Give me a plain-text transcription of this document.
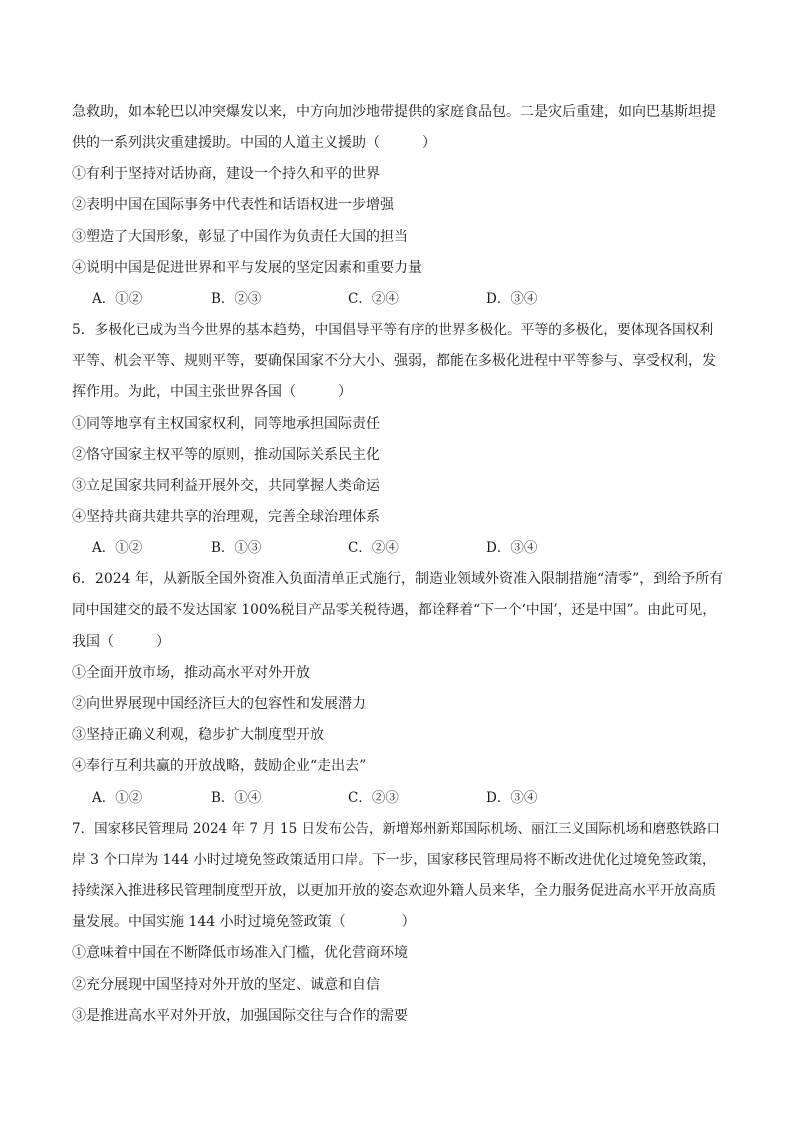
急救助，如本轮巴以冲突爆发以来，中方向加沙地带提供的家庭食品包。二是灾后重建，如向巴基斯坦提
供的一系列洪灾重建援助。中国的人道主义援助（　　　）
①有利于坚持对话协商，建设一个持久和平的世界
②表明中国在国际事务中代表性和话语权进一步增强
③塑造了大国形象，彰显了中国作为负责任大国的担当
④说明中国是促进世界和平与发展的坚定因素和重要力量
A．①②	B．②③	C．②④	D．③④
5．多极化已成为当今世界的基本趋势，中国倡导平等有序的世界多极化。平等的多极化，要体现各国权利
平等、机会平等、规则平等，要确保国家不分大小、强弱，都能在多极化进程中平等参与、享受权利，发
挥作用。为此，中国主张世界各国（　　　）
①同等地享有主权国家权利，同等地承担国际责任
②恪守国家主权平等的原则，推动国际关系民主化
③立足国家共同利益开展外交，共同掌握人类命运
④坚持共商共建共享的治理观，完善全球治理体系
A．①②	B．①③	C．②④	D．③④
6．2024 年，从新版全国外资准入负面清单正式施行，制造业领域外资准入限制措施“清零”，到给予所有
同中国建交的最不发达国家 100%税目产品零关税待遇，都诠释着“下一个‘中国’，还是中国”。由此可见，
我国（　　　）
①全面开放市场，推动高水平对外开放
②向世界展现中国经济巨大的包容性和发展潜力
③坚持正确义利观，稳步扩大制度型开放
④奉行互利共赢的开放战略，鼓励企业“走出去”
A．①②	B．①④	C．②③	D．③④
7．国家移民管理局 2024 年 7 月 15 日发布公告，新增郑州新郑国际机场、丽江三义国际机场和磨憨铁路口
岸 3 个口岸为 144 小时过境免签政策适用口岸。下一步，国家移民管理局将不断改进优化过境免签政策，
持续深入推进移民管理制度型开放，以更加开放的姿态欢迎外籍人员来华，全力服务促进高水平开放高质
量发展。中国实施 144 小时过境免签政策（　　　　）
①意味着中国在不断降低市场准入门槛，优化营商环境
②充分展现中国坚持对外开放的坚定、诚意和自信
③是推进高水平对外开放，加强国际交往与合作的需要
